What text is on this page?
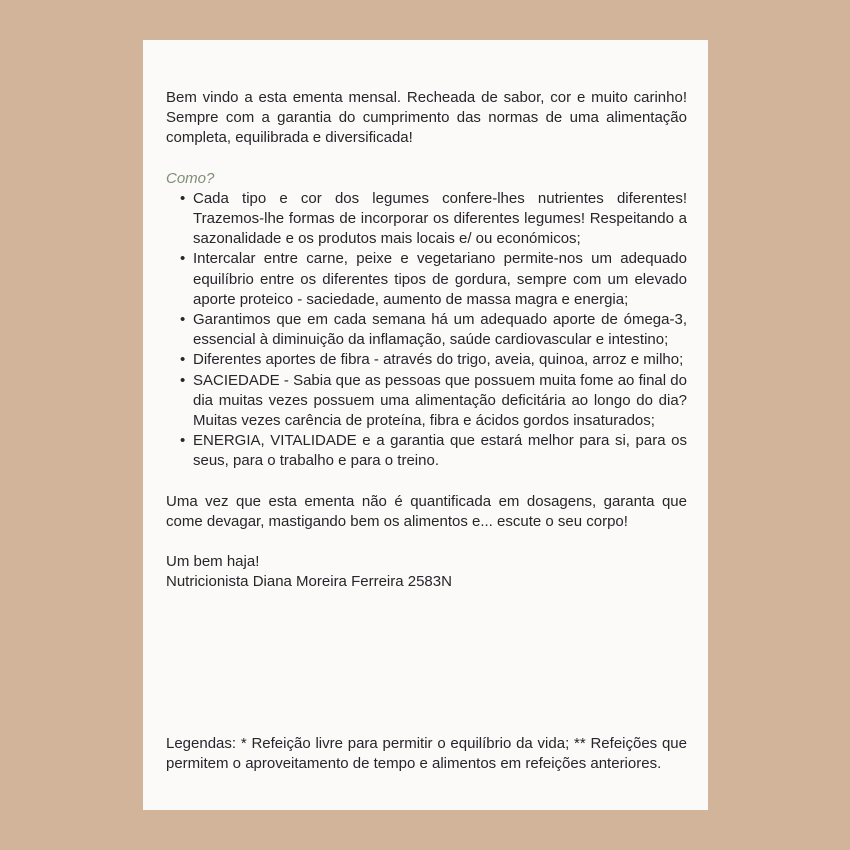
Bem vindo a esta ementa mensal. Recheada de sabor, cor e muito carinho! Sempre com a garantia do cumprimento das normas de uma alimentação completa, equilibrada e diversificada!

Como?

• Cada tipo e cor dos legumes confere-lhes nutrientes diferentes! Trazemos-lhe formas de incorporar os diferentes legumes! Respeitando a sazonalidade e os produtos mais locais e/ ou económicos;
• Intercalar entre carne, peixe e vegetariano permite-nos um adequado equilíbrio entre os diferentes tipos de gordura, sempre com um elevado aporte proteico - saciedade, aumento de massa magra e energia;
• Garantimos que em cada semana há um adequado aporte de ómega-3, essencial à diminuição da inflamação, saúde cardiovascular e intestino;
• Diferentes aportes de fibra - através do trigo, aveia, quinoa, arroz e milho;
• SACIEDADE - Sabia que as pessoas que possuem muita fome ao final do dia muitas vezes possuem uma alimentação deficitária ao longo do dia? Muitas vezes carência de proteína, fibra e ácidos gordos insaturados;
• ENERGIA, VITALIDADE e a garantia que estará melhor para si, para os seus, para o trabalho e para o treino.

Uma vez que esta ementa não é quantificada em dosagens, garanta que come devagar, mastigando bem os alimentos e... escute o seu corpo!

Um bem haja!

Nutricionista Diana Moreira Ferreira 2583N

Legendas: * Refeição livre para permitir o equilíbrio da vida; ** Refeições que permitem o aproveitamento de tempo e alimentos em refeições anteriores.
